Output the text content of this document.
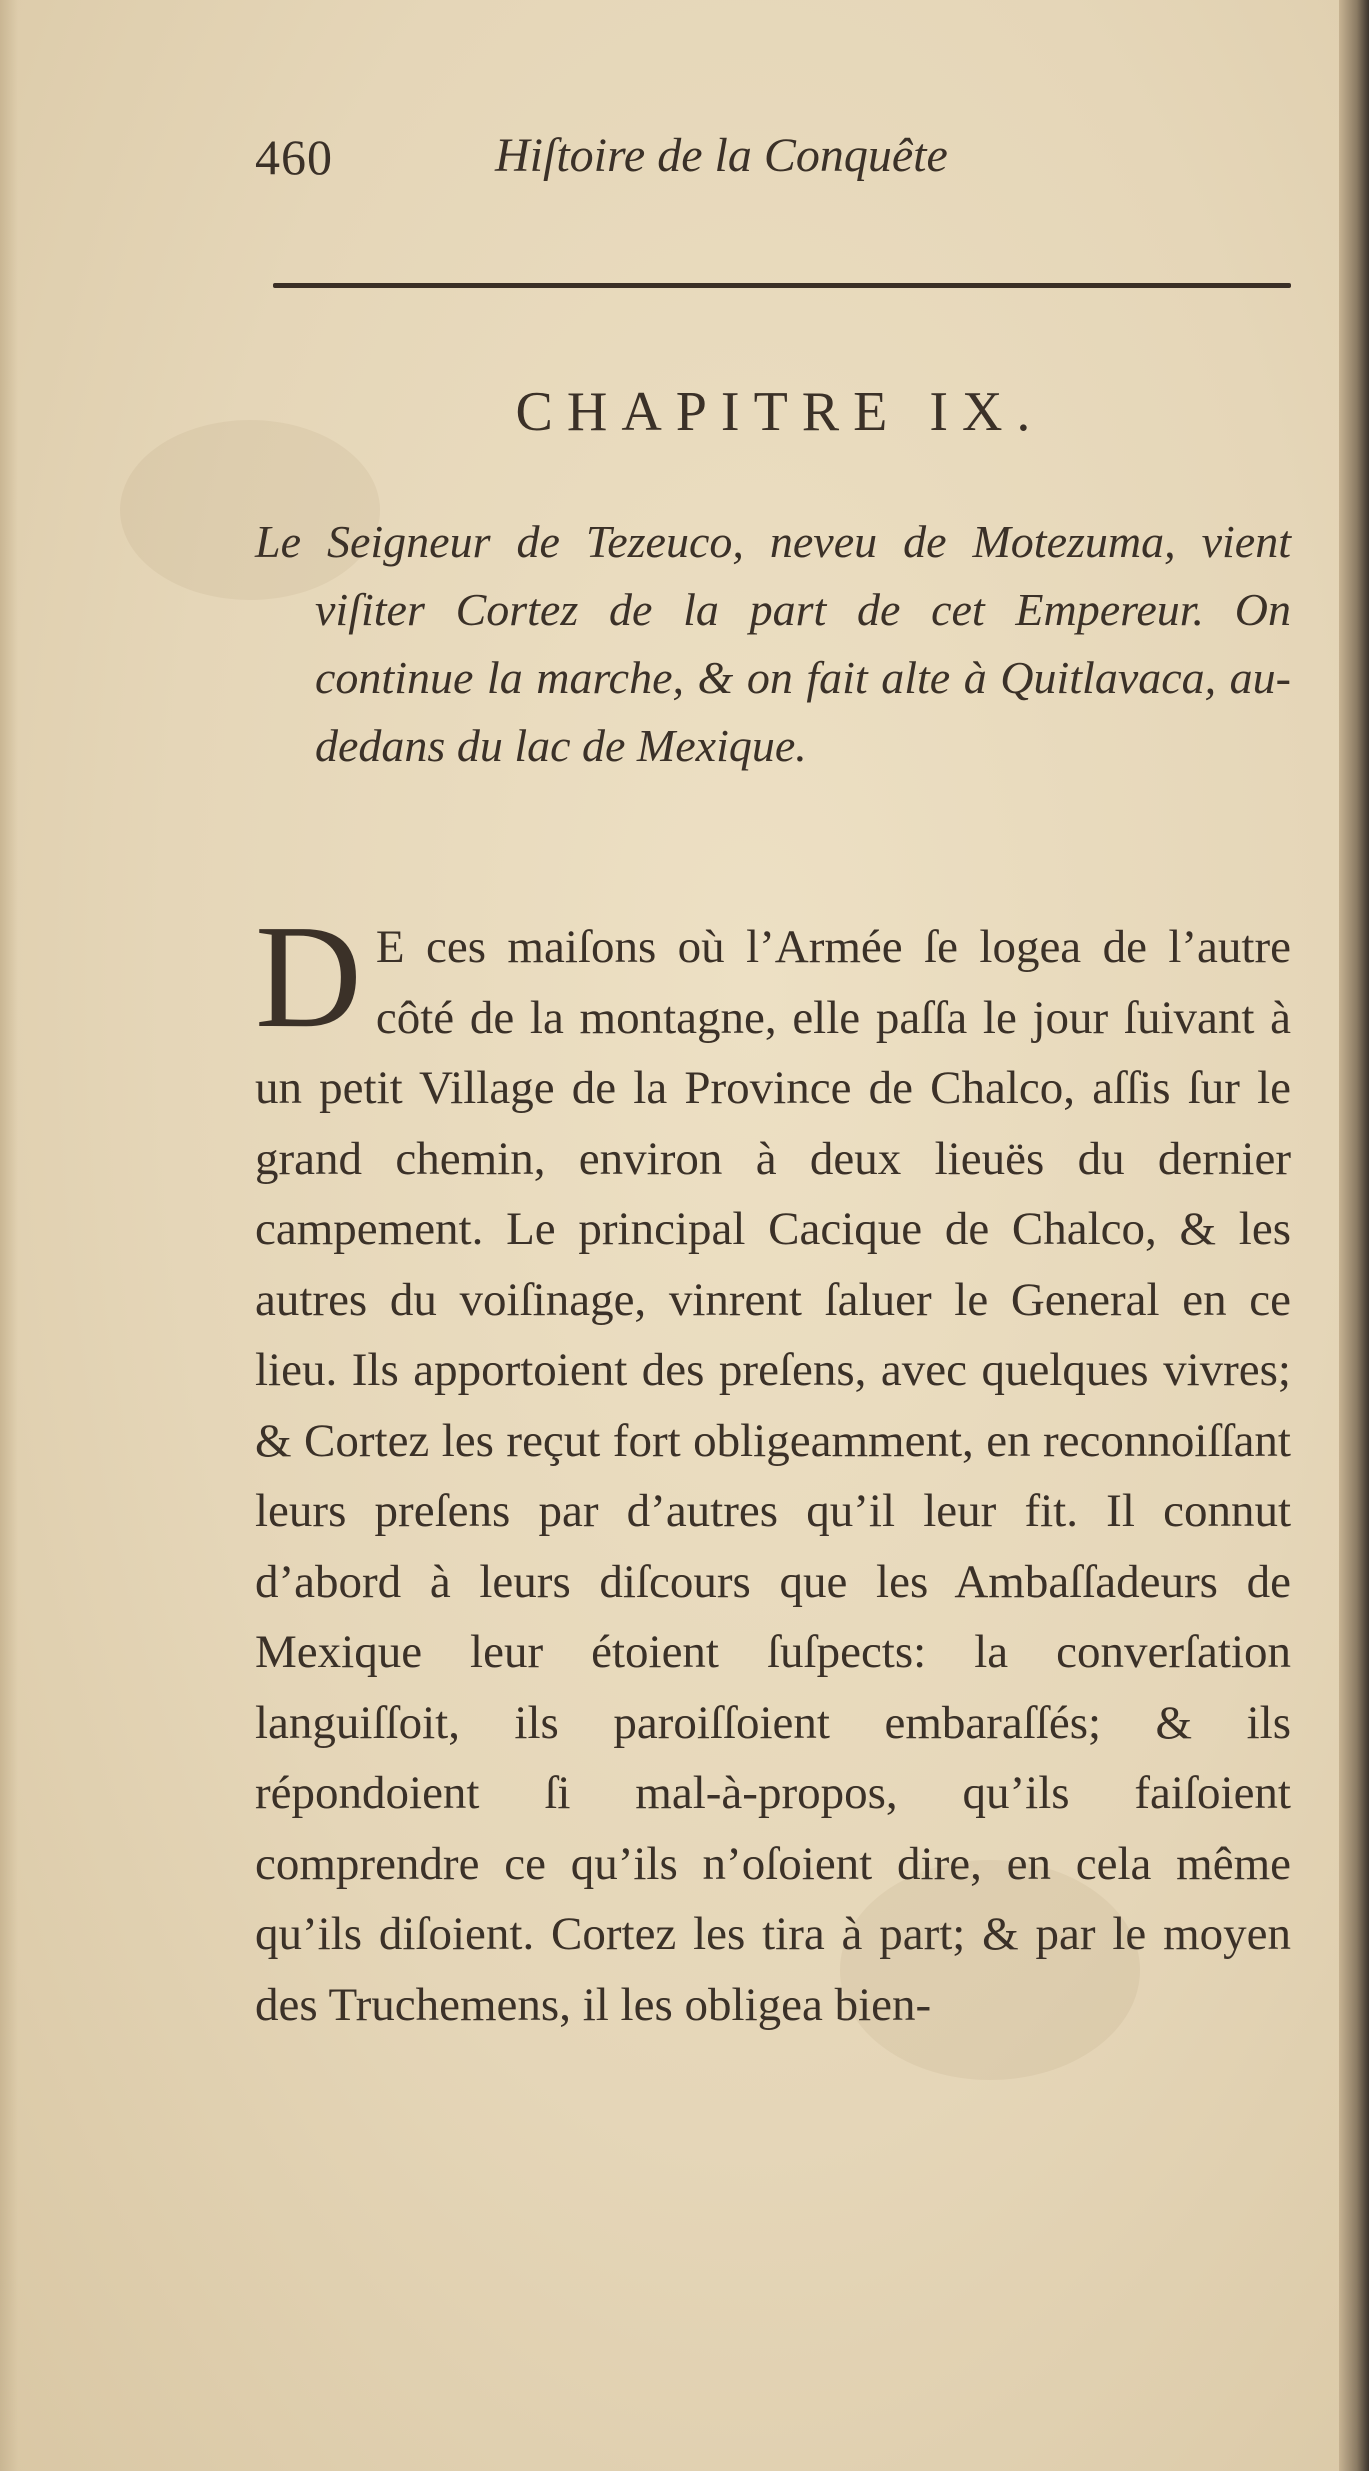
460	Hiſtoire de la Conquête
CHAPITRE IX.
Le Seigneur de Tezeuco, neveu de Motezuma, vient viſiter Cortez de la part de cet Empereur. On continue la marche, & on fait alte à Quitlavaca, au-dedans du lac de Mexique.
D E ces maiſons où l’Armée ſe logea de l’autre côté de la montagne, elle paſſa le jour ſuivant à un petit Village de la Province de Chalco, aſſis ſur le grand chemin, environ à deux lieuës du dernier campement. Le principal Cacique de Chalco, & les autres du voiſinage, vinrent ſaluer le General en ce lieu. Ils apportoient des preſens, avec quelques vivres; & Cortez les reçut fort obligeamment, en reconnoiſſant leurs preſens par d’autres qu’il leur fit. Il connut d’abord à leurs diſcours que les Ambaſſadeurs de Mexique leur étoient ſuſpects: la converſation languiſſoit, ils paroiſſoient embaraſſés; & ils répondoient ſi mal-à-propos, qu’ils faiſoient comprendre ce qu’ils n’oſoient dire, en cela même qu’ils diſoient. Cortez les tira à part; & par le moyen des Truchemens, il les obligea bien-
